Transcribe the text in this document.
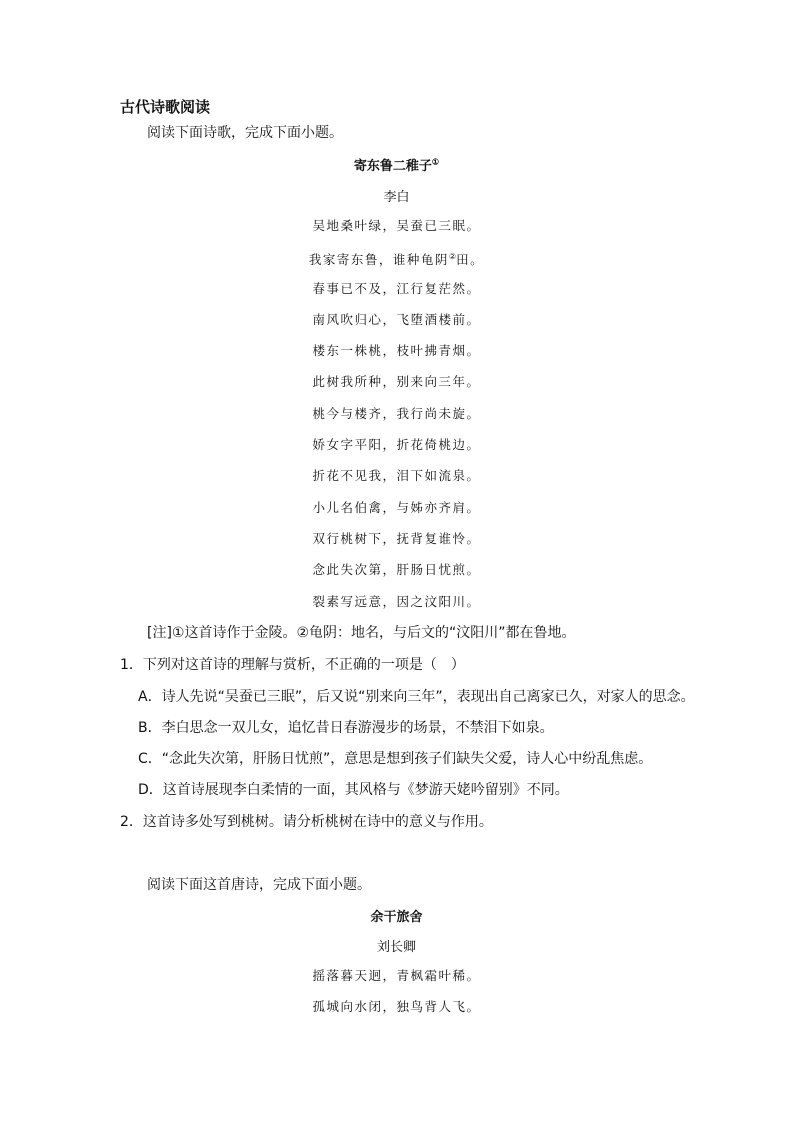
古代诗歌阅读
阅读下面诗歌，完成下面小题。
寄东鲁二稚子①
李白
吴地桑叶绿，吴蚕已三眠。
我家寄东鲁，谁种龟阴②田。
春事已不及，江行复茫然。
南风吹归心，飞堕酒楼前。
楼东一株桃，枝叶拂青烟。
此树我所种，别来向三年。
桃今与楼齐，我行尚未旋。
娇女字平阳，折花倚桃边。
折花不见我，泪下如流泉。
小儿名伯禽，与姊亦齐肩。
双行桃树下，抚背复谁怜。
念此失次第，肝肠日忧煎。
裂素写远意，因之汶阳川。
[注]①这首诗作于金陵。②龟阴：地名，与后文的“汶阳川”都在鲁地。
1．下列对这首诗的理解与赏析，不正确的一项是（　）
A．诗人先说“吴蚕已三眠”，后又说“别来向三年”，表现出自己离家已久，对家人的思念。
B．李白思念一双儿女，追忆昔日春游漫步的场景，不禁泪下如泉。
C．“念此失次第，肝肠日忧煎”，意思是想到孩子们缺失父爱，诗人心中纷乱焦虑。
D．这首诗展现李白柔情的一面，其风格与《梦游天姥吟留别》不同。
2．这首诗多处写到桃树。请分析桃树在诗中的意义与作用。
阅读下面这首唐诗，完成下面小题。
余干旅舍
刘长卿
摇落暮天迥，青枫霜叶稀。
孤城向水闭，独鸟背人飞。
